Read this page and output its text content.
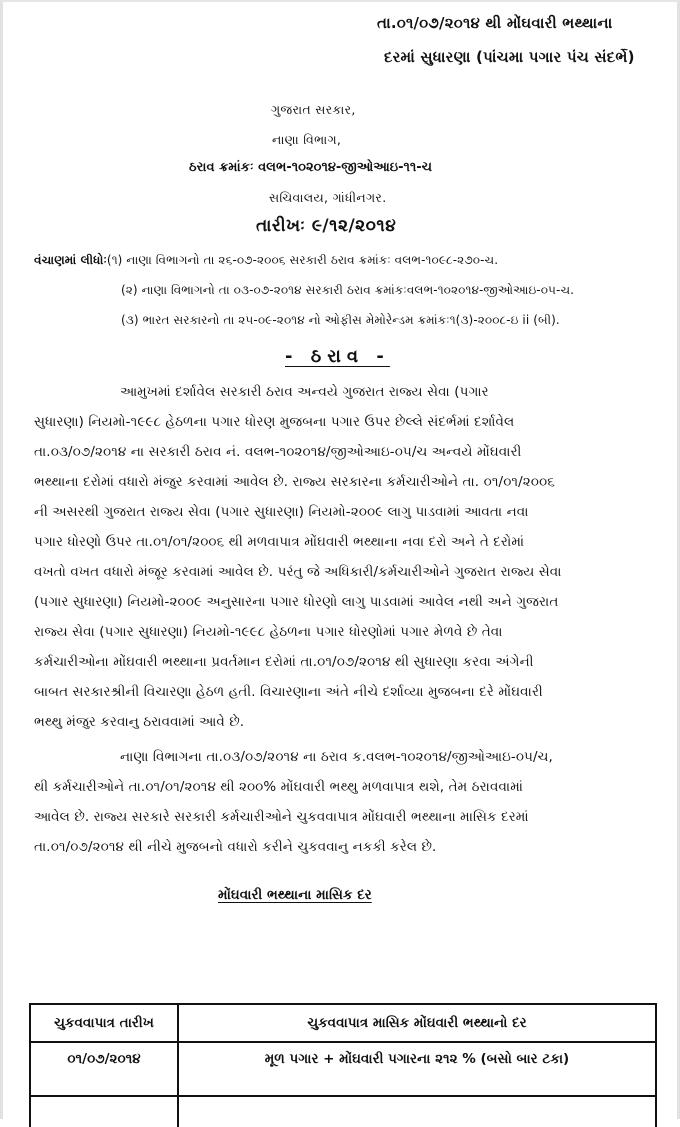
તા.૦૧/૦૭/૨૦૧૪ થી મોંઘવારી ભથ્થાના
દરમાં સુધારણા (પાંચમા પગાર પંચ સંદર્ભે)
ગુજરાત સરકાર,
નાણા વિભાગ,
ઠરાવ ક્રમાંકઃ વલભ-૧૦૨૦૧૪-જીઓઆઇ-૧૧-ચ
સચિવાલય, ગાંધીનગર.
તારીખઃ ૯/૧૨/૨૦૧૪
વંચાણમાં લીધોઃ(૧) નાણા વિભાગનો તા ૨૬-૦૭-૨૦૦૬ સરકારી ઠરાવ ક્રમાંકઃ વલભ-૧૦૯૮-૨૭૦-ચ.
(૨) નાણા વિભાગનો તા ૦૩-૦૭-૨૦૧૪ સરકારી ઠરાવ ક્રમાંકઃવલભ-૧૦૨૦૧૪-જીઓઆઇ-૦૫-ચ.
(૩) ભારત સરકારનો તા ૨૫-૦૯-૨૦૧૪ નો ઓફીસ મેમોરેન્ડમ ક્રમાંકઃ૧(૩)-૨૦૦૮-ઇ ii (બી).
- ઠરાવ -
આમુખમાં દર્શાવેલ સરકારી ઠરાવ અન્વયે ગુજરાત રાજ્ય સેવા (પગાર
સુધારણા) નિયમો-૧૯૯૮ હેઠળના પગાર ધોરણ મુજબના પગાર ઉપર છેલ્લે સંદર્ભમાં દર્શાવેલ
તા.૦૩/૦૭/૨૦૧૪ ના સરકારી ઠરાવ નં. વલભ-૧૦૨૦૧૪/જીઓઆઇ-૦૫/ચ અન્વયે મોંઘવારી
ભથ્થાના દરોમાં વધારો મંજુર કરવામાં આવેલ છે. રાજ્ય સરકારના કર્મચારીઓને તા. ૦૧/૦૧/૨૦૦૬
ની અસરથી ગુજરાત રાજ્ય સેવા (પગાર સુધારણા) નિયમો-૨૦૦૯ લાગુ પાડવામાં આવતા નવા
પગાર ધોરણો ઉપર તા.૦૧/૦૧/૨૦૦૬ થી મળવાપાત્ર મોંઘવારી ભથ્થાના નવા દરો અને તે દરોમાં
વખતો વખત વધારો મંજૂર કરવામાં આવેલ છે. પરંતુ જે અધિકારી/કર્મચારીઓને ગુજરાત રાજ્ય સેવા
(પગાર સુધારણા) નિયમો-૨૦૦૯ અનુસારના પગાર ધોરણો લાગુ પાડવામાં આવેલ નથી અને ગુજરાત
રાજ્ય સેવા (પગાર સુધારણા) નિયમો-૧૯૯૮ હેઠળના પગાર ધોરણોમાં પગાર મેળવે છે તેવા
કર્મચારીઓના મોંઘવારી ભથ્થાના પ્રવર્તમાન દરોમાં તા.૦૧/૦૭/૨૦૧૪ થી સુધારણા કરવા અંગેની
બાબત સરકારશ્રીની વિચારણા હેઠળ હતી. વિચારણાના અંતે નીચે દર્શાવ્યા મુજબના દરે મોંઘવારી
ભથ્થુ મંજુર કરવાનુ ઠરાવવામાં આવે છે.
નાણા વિભાગના તા.૦૩/૦૭/૨૦૧૪ ના ઠરાવ ક.વલભ-૧૦૨૦૧૪/જીઓઆઇ-૦૫/ચ,
થી કર્મચારીઓને તા.૦૧/૦૧/૨૦૧૪ થી ૨૦૦% મોંઘવારી ભથ્થુ મળવાપાત્ર થશે, તેમ ઠરાવવામાં
આવેલ છે. રાજ્ય સરકારે સરકારી કર્મચારીઓને ચુકવવાપાત્ર મોંઘવારી ભથ્થાના માસિક દરમાં
તા.૦૧/૦૭/૨૦૧૪ થી નીચે મુજબનો વધારો કરીને ચુકવવાનુ નકકી કરેલ છે.
મોંઘવારી ભથ્થાના માસિક દર
ચુકવવાપાત્ર તારીખ	ચુકવવાપાત્ર માસિક મોંઘવારી ભથ્થાનો દર
૦૧/૦૭/૨૦૧૪	મૂળ પગાર + મોંઘવારી પગારના ૨૧૨ % (બસો બાર ટકા)
